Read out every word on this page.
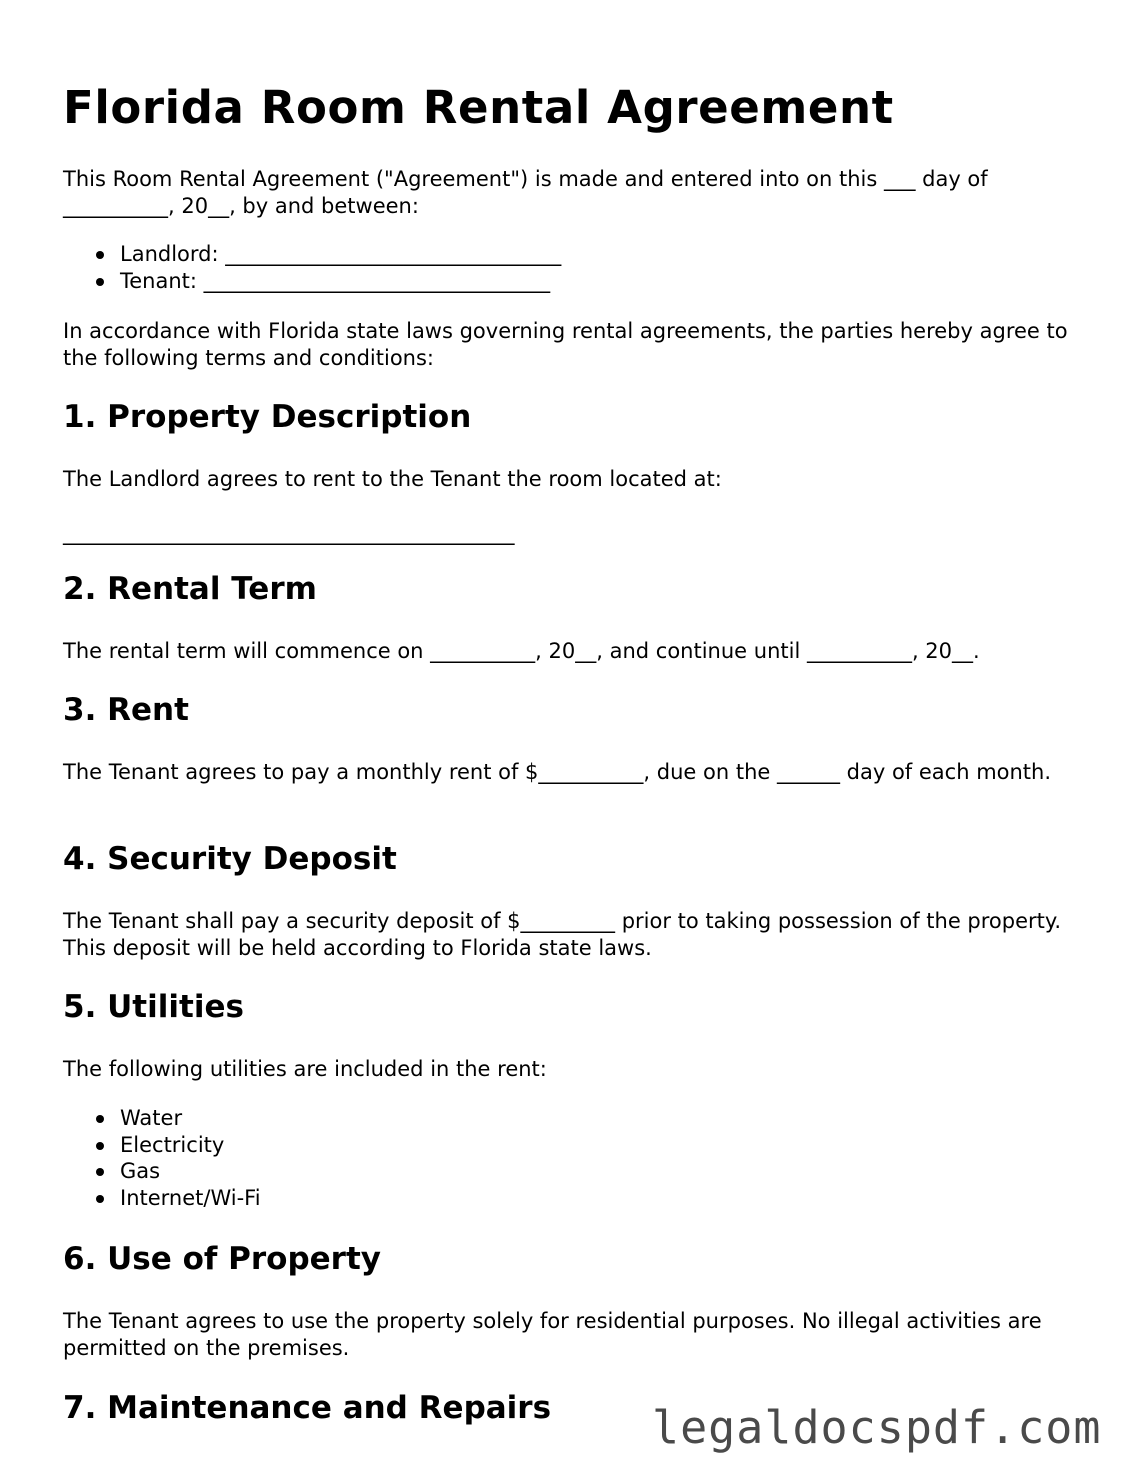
Florida Room Rental Agreement

This Room Rental Agreement ("Agreement") is made and entered into on this ___ day of __________, 20__, by and between:

Landlord: ________________________________
Tenant: _________________________________

In accordance with Florida state laws governing rental agreements, the parties hereby agree to the following terms and conditions:

1. Property Description

The Landlord agrees to rent to the Tenant the room located at:

___________________________________________

2. Rental Term

The rental term will commence on __________, 20__, and continue until __________, 20__.

3. Rent

The Tenant agrees to pay a monthly rent of $__________, due on the ______ day of each month.

4. Security Deposit

The Tenant shall pay a security deposit of $_________ prior to taking possession of the property. This deposit will be held according to Florida state laws.

5. Utilities

The following utilities are included in the rent:

Water
Electricity
Gas
Internet/Wi-Fi
6. Use of Property

The Tenant agrees to use the property solely for residential purposes. No illegal activities are permitted on the premises.

7. Maintenance and Repairs legaldocspdf.com
